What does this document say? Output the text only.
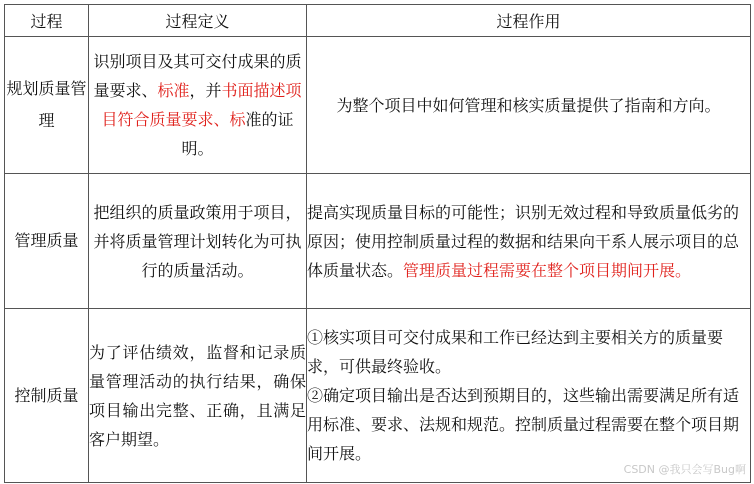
过程	过程定义	过程作用
规划质量管理	识别项目及其可交付成果的质量要求、标准，并书面描述项目符合质量要求、标准的证明。	为整个项目中如何管理和核实质量提供了指南和方向。
管理质量	把组织的质量政策用于项目，并将质量管理计划转化为可执行的质量活动。	提高实现质量目标的可能性；识别无效过程和导致质量低劣的原因；使用控制质量过程的数据和结果向干系人展示项目的总体质量状态。管理质量过程需要在整个项目期间开展。
控制质量	为了评估绩效，监督和记录质量管理活动的执行结果，确保项目输出完整、正确，且满足客户期望。	①核实项目可交付成果和工作已经达到主要相关方的质量要求，可供最终验收。
②确定项目输出是否达到预期目的，这些输出需要满足所有适用标准、要求、法规和规范。控制质量过程需要在整个项目期间开展。
CSDN @我只会写Bug啊
